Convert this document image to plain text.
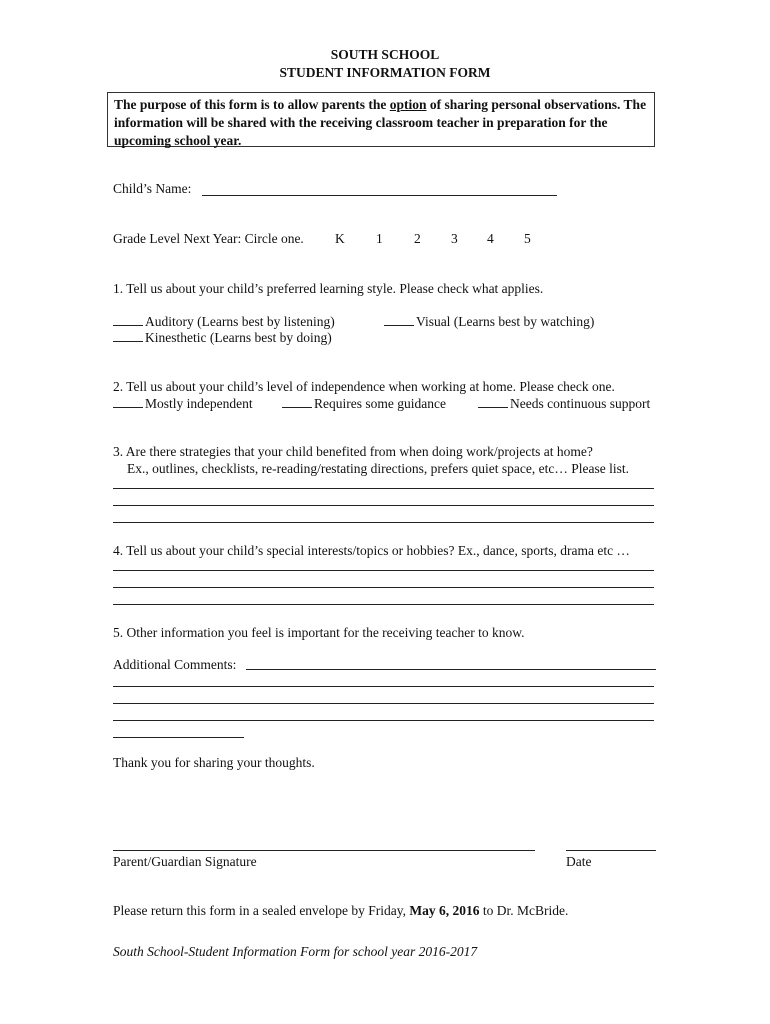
SOUTH SCHOOL
STUDENT INFORMATION FORM
The purpose of this form is to allow parents the option of sharing personal observations. The information will be shared with the receiving classroom teacher in preparation for the upcoming school year.
Child’s Name:
Grade Level Next Year: Circle one. K 1 2 3 4 5
1. Tell us about your child’s preferred learning style. Please check what applies.
Auditory (Learns best by listening)	Visual (Learns best by watching)
Kinesthetic (Learns best by doing)
2. Tell us about your child’s level of independence when working at home. Please check one.
Mostly independent	Requires some guidance	Needs continuous support
3. Are there strategies that your child benefited from when doing work/projects at home?
Ex., outlines, checklists, re-reading/restating directions, prefers quiet space, etc… Please list.
4. Tell us about your child’s special interests/topics or hobbies? Ex., dance, sports, drama etc …
5. Other information you feel is important for the receiving teacher to know.
Additional Comments:
Thank you for sharing your thoughts.
Parent/Guardian Signature	Date
Please return this form in a sealed envelope by Friday, May 6, 2016 to Dr. McBride.
South School-Student Information Form for school year 2016-2017
